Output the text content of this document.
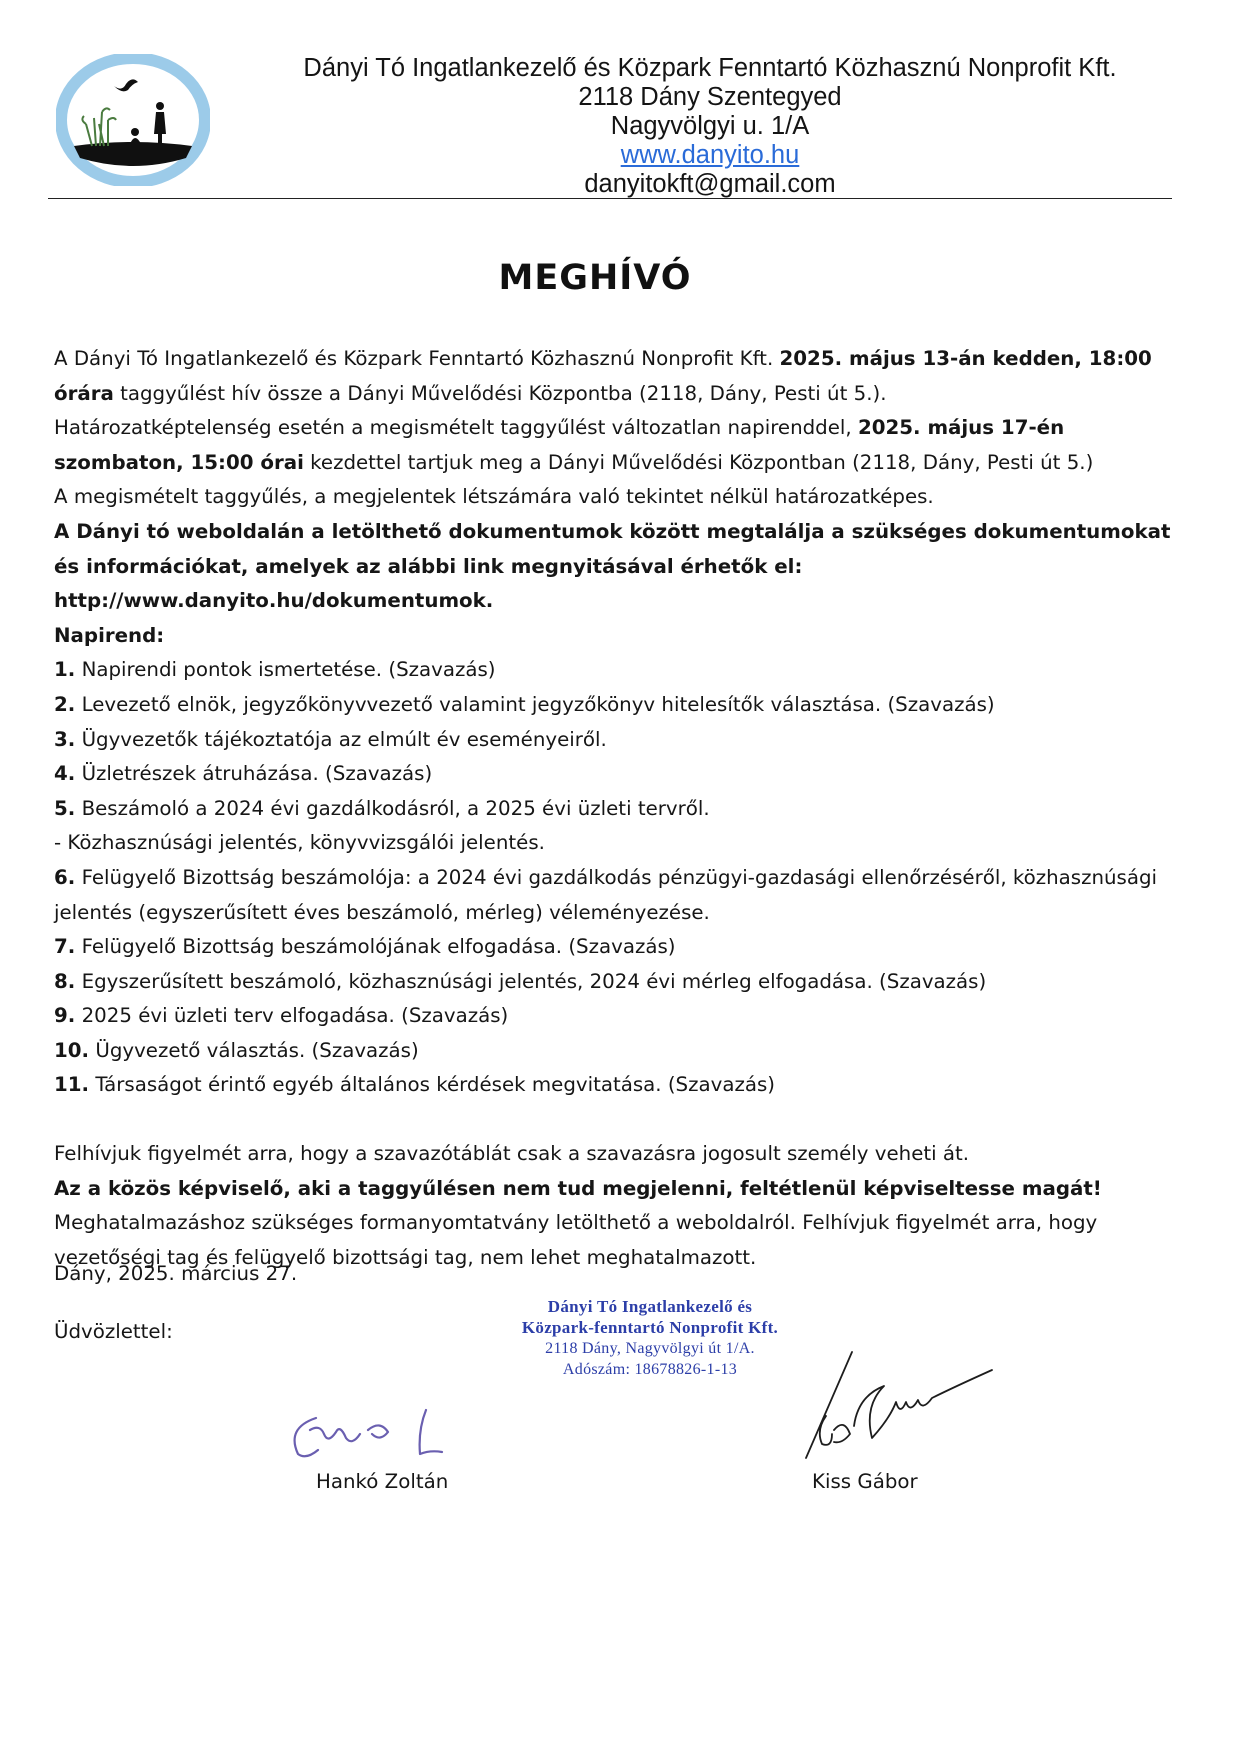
Dányi Tó Ingatlankezelő és Közpark Fenntartó Közhasznú Nonprofit Kft.
2118 Dány Szentegyed
Nagyvölgyi u. 1/A
www.danyito.hu
danyitokft@gmail.com
MEGHÍVÓ

A Dányi Tó Ingatlankezelő és Közpark Fenntartó Közhasznú Nonprofit Kft. 2025. május 13-án kedden, 18:00 órára taggyűlést hív össze a Dányi Művelődési Központba (2118, Dány, Pesti út 5.).

Határozatképtelenség esetén a megismételt taggyűlést változatlan napirenddel, 2025. május 17-én szombaton, 15:00 órai kezdettel tartjuk meg a Dányi Művelődési Központban (2118, Dány, Pesti út 5.)

A megismételt taggyűlés, a megjelentek létszámára való tekintet nélkül határozatképes.

A Dányi tó weboldalán a letölthető dokumentumok között megtalálja a szükséges dokumentumokat és információkat, amelyek az alábbi link megnyitásával érhetők el: http://www.danyito.hu/dokumentumok.

Napirend:

1. Napirendi pontok ismertetése. (Szavazás)

2. Levezető elnök, jegyzőkönyvvezető valamint jegyzőkönyv hitelesítők választása. (Szavazás)

3. Ügyvezetők tájékoztatója az elmúlt év eseményeiről.

4. Üzletrészek átruházása. (Szavazás)

5. Beszámoló a 2024 évi gazdálkodásról, a 2025 évi üzleti tervről.

- Közhasznúsági jelentés, könyvvizsgálói jelentés.

6. Felügyelő Bizottság beszámolója: a 2024 évi gazdálkodás pénzügyi-gazdasági ellenőrzéséről, közhasznúsági jelentés (egyszerűsített éves beszámoló, mérleg) véleményezése.

7. Felügyelő Bizottság beszámolójának elfogadása. (Szavazás)

8. Egyszerűsített beszámoló, közhasznúsági jelentés, 2024 évi mérleg elfogadása. (Szavazás)

9. 2025 évi üzleti terv elfogadása. (Szavazás)

10. Ügyvezető választás. (Szavazás)

11. Társaságot érintő egyéb általános kérdések megvitatása. (Szavazás)

Felhívjuk figyelmét arra, hogy a szavazótáblát csak a szavazásra jogosult személy veheti át.

Az a közös képviselő, aki a taggyűlésen nem tud megjelenni, feltétlenül képviseltesse magát!

Meghatalmazáshoz szükséges formanyomtatvány letölthető a weboldalról. Felhívjuk figyelmét arra, hogy vezetőségi tag és felügyelő bizottsági tag, nem lehet meghatalmazott.

Dány, 2025. március 27.
Üdvözlettel:
Dányi Tó Ingatlankezelő és
Közpark-fenntartó Nonprofit Kft.
2118 Dány, Nagyvölgyi út 1/A.
Adószám: 18678826-1-13
Hankó Zoltán	Kiss Gábor
